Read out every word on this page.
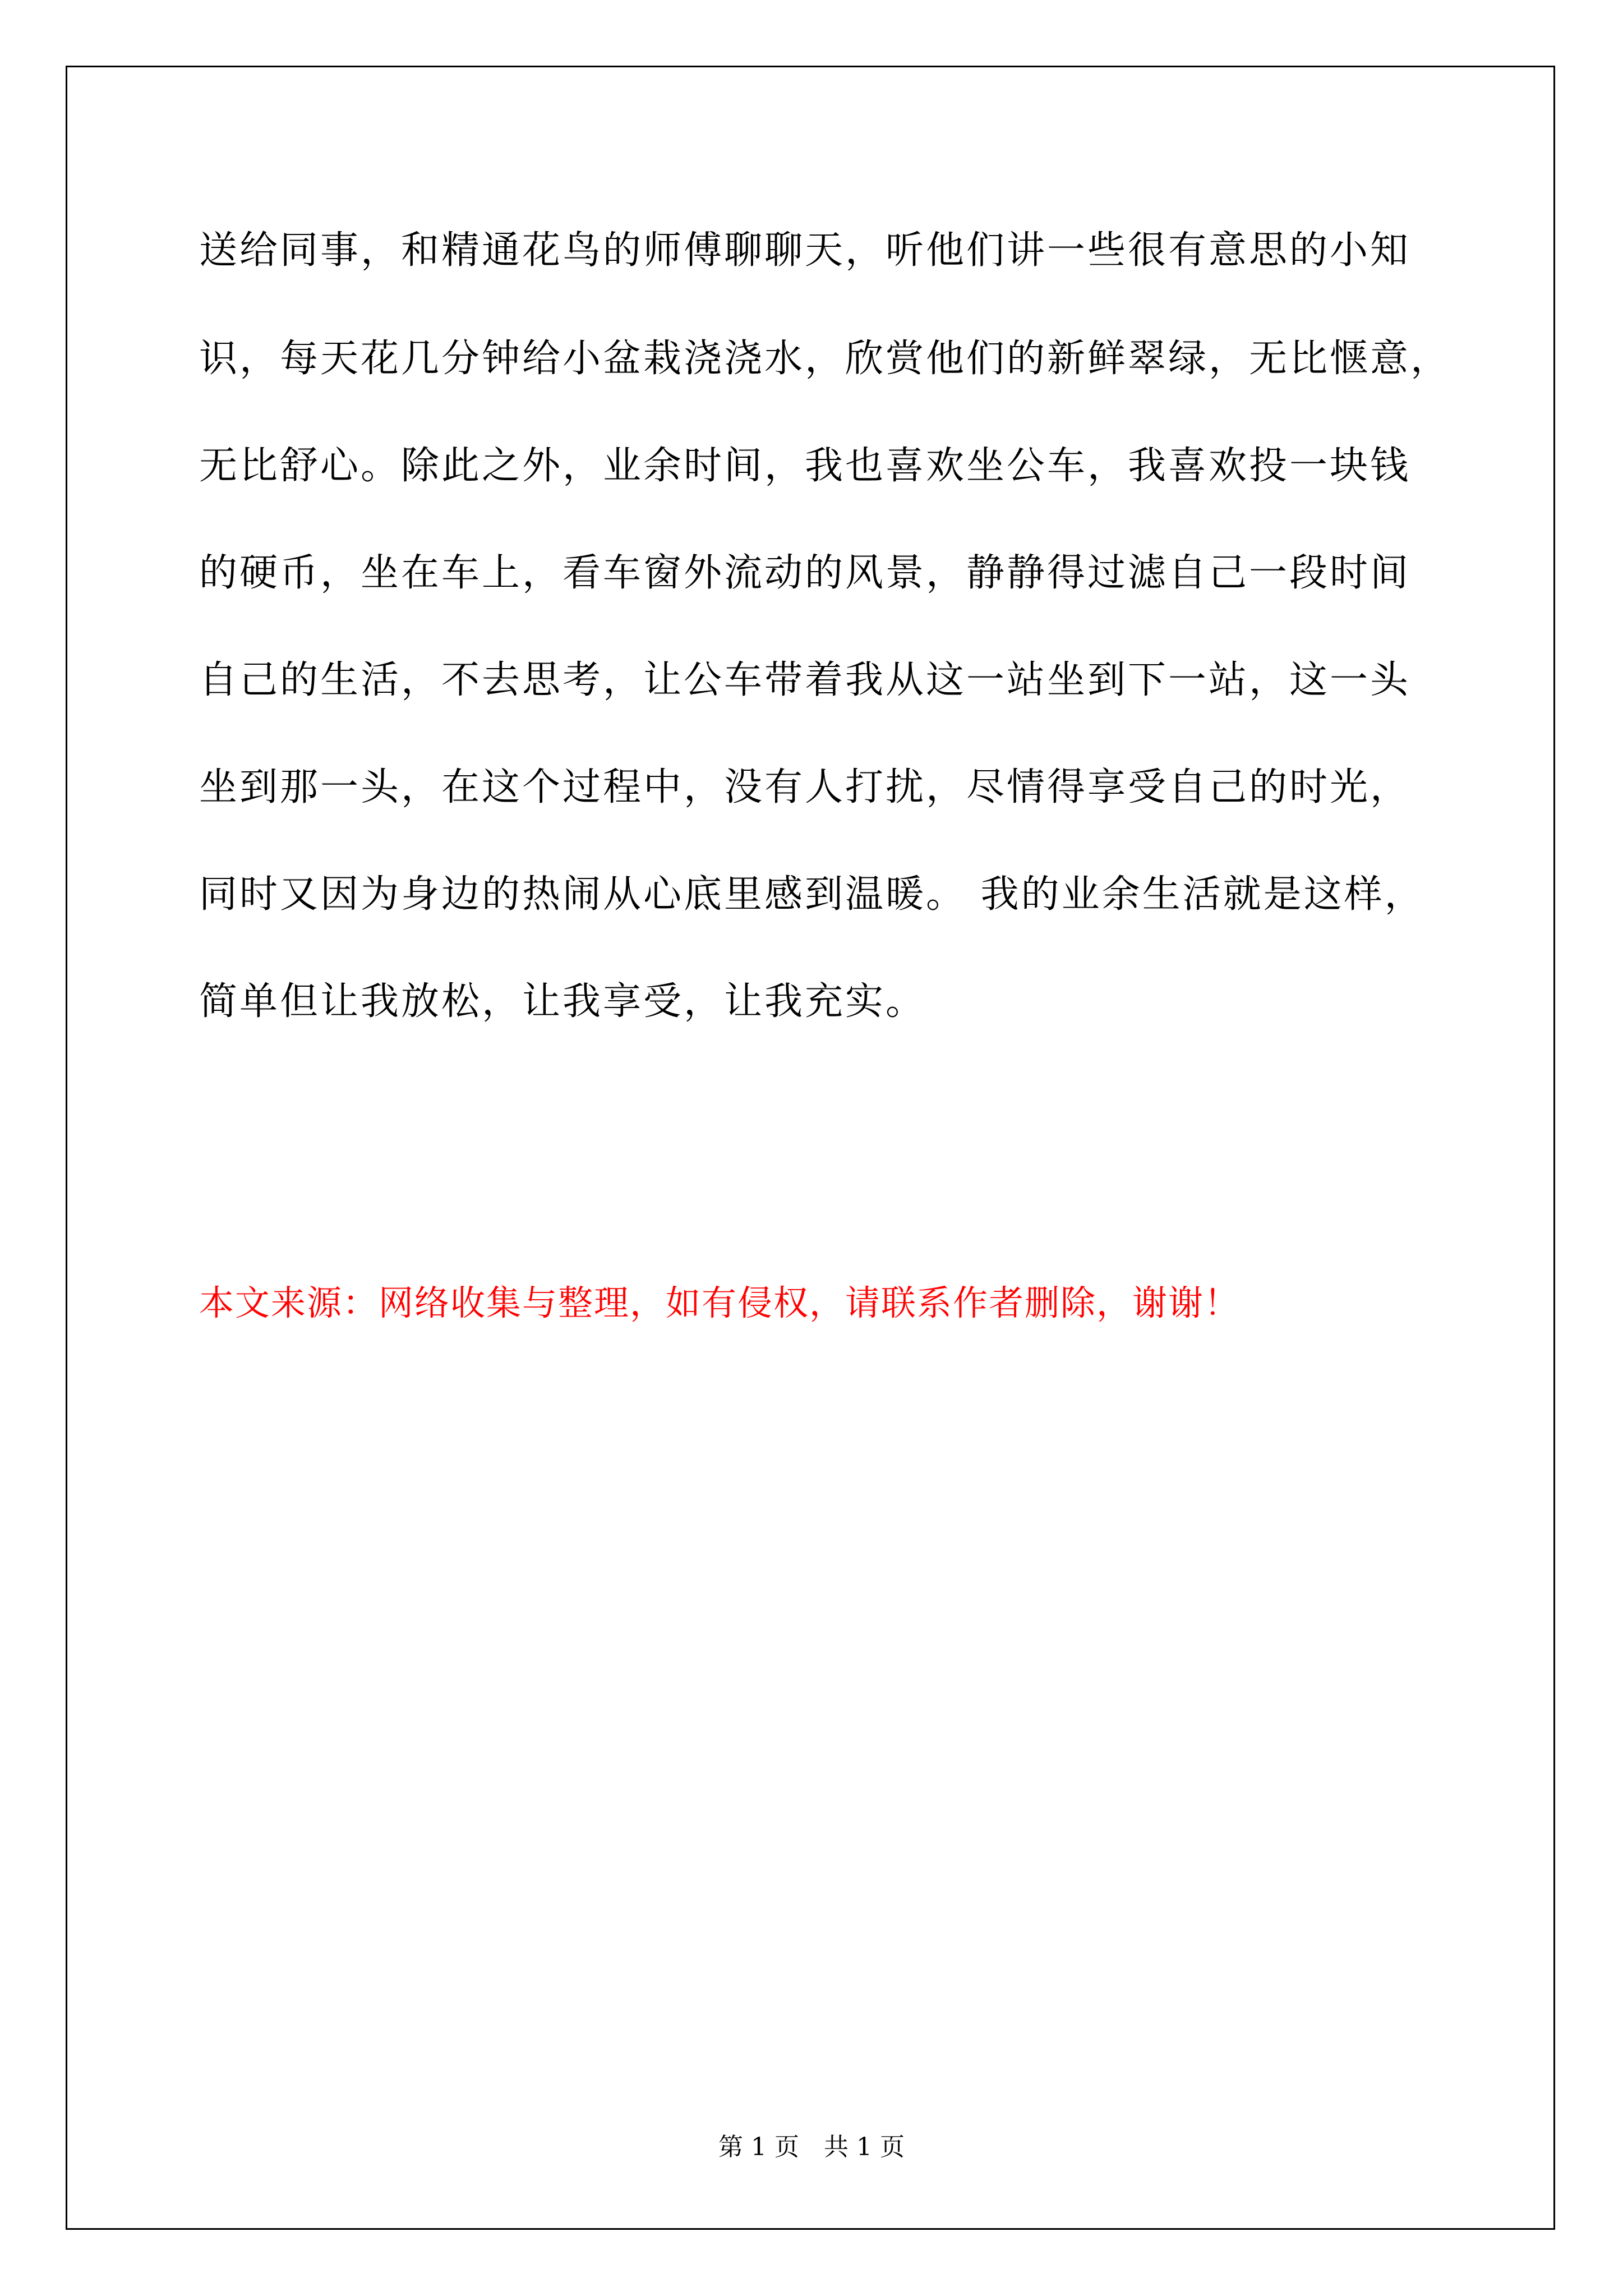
送给同事，和精通花鸟的师傅聊聊天，听他们讲一些很有意思的小知
识，每天花几分钟给小盆栽浇浇水，欣赏他们的新鲜翠绿，无比惬意，
无比舒心。除此之外，业余时间，我也喜欢坐公车，我喜欢投一块钱
的硬币，坐在车上，看车窗外流动的风景，静静得过滤自己一段时间
自己的生活，不去思考，让公车带着我从这一站坐到下一站，这一头
坐到那一头，在这个过程中，没有人打扰，尽情得享受自己的时光，
同时又因为身边的热闹从心底里感到温暖。 我的业余生活就是这样，
简单但让我放松，让我享受，让我充实。
本文来源：网络收集与整理，如有侵权，请联系作者删除，谢谢！
第 1 页 共 1 页
